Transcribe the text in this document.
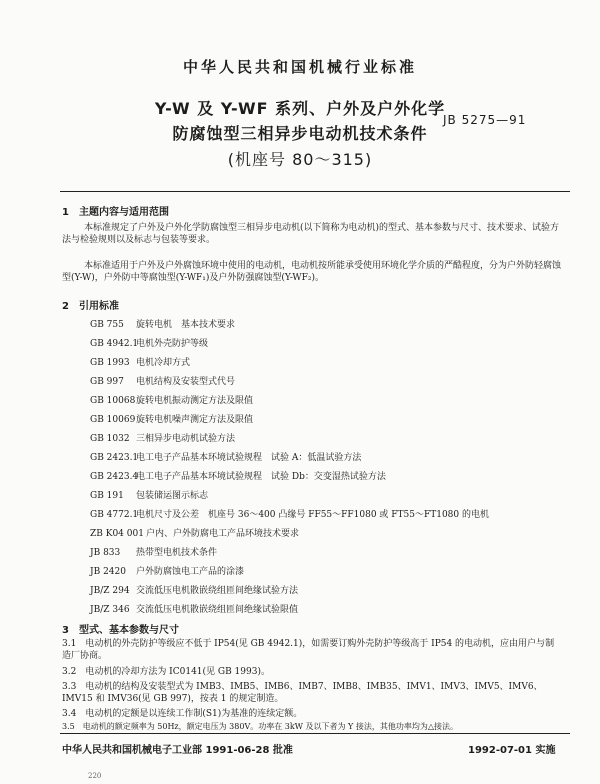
中华人民共和国机械行业标准
Y-W 及 Y-WF 系列、户外及户外化学
防腐蚀型三相异步电动机技术条件
(机座号 80～315)
JB 5275—91
1　主题内容与适用范围
本标准规定了户外及户外化学防腐蚀型三相异步电动机(以下简称为电动机)的型式、基本参数与尺寸、技术要求、试验方法与检验规则以及标志与包装等要求。
本标准适用于户外及户外腐蚀环境中使用的电动机，电动机按所能承受使用环境化学介质的严酷程度，分为户外防轻腐蚀型(Y-W)，户外防中等腐蚀型(Y-WF₁)及户外防强腐蚀型(Y-WF₂)。
2　引用标准
GB 755 旋转电机　基本技术要求
GB 4942.1电机外壳防护等级
GB 1993 电机冷却方式
GB 997 电机结构及安装型式代号
GB 10068旋转电机振动测定方法及限值
GB 10069旋转电机噪声测定方法及限值
GB 1032 三相异步电动机试验方法
GB 2423.1电工电子产品基本环境试验规程　试验 A：低温试验方法
GB 2423.4电工电子产品基本环境试验规程　试验 Db：交变湿热试验方法
GB 191 包装储运图示标志
GB 4772.1电机尺寸及公差　机座号 36～400 凸缘号 FF55～FF1080 或 FT55～FT1080 的电机
ZB K04 001 户内、户外防腐电工产品环境技术要求
JB 833 热带型电机技术条件
JB 2420 户外防腐蚀电工产品的涂漆
JB/Z 294 交流低压电机散嵌绕组匝间绝缘试验方法
JB/Z 346 交流低压电机散嵌绕组匝间绝缘试验限值
3　型式、基本参数与尺寸
3.1　电动机的外壳防护等级应不低于 IP54(见 GB 4942.1)，如需要订购外壳防护等级高于 IP54 的电动机，应由用户与制造厂协商。
3.2　电动机的冷却方法为 IC0141(见 GB 1993)。
3.3　电动机的结构及安装型式为 IMB3、IMB5、IMB6、IMB7、IMB8、IMB35、IMV1、IMV3、IMV5、IMV6、IMV15 和 IMV36(见 GB 997)，按表 1 的规定制造。
3.4　电动机的定额是以连续工作制(S1)为基准的连续定额。
3.5　电动机的额定频率为 50Hz，额定电压为 380V。功率在 3kW 及以下者为 Y 接法，其他功率均为△接法。
中华人民共和国机械电子工业部 1991-06-28 批准	1992-07-01 实施
220
